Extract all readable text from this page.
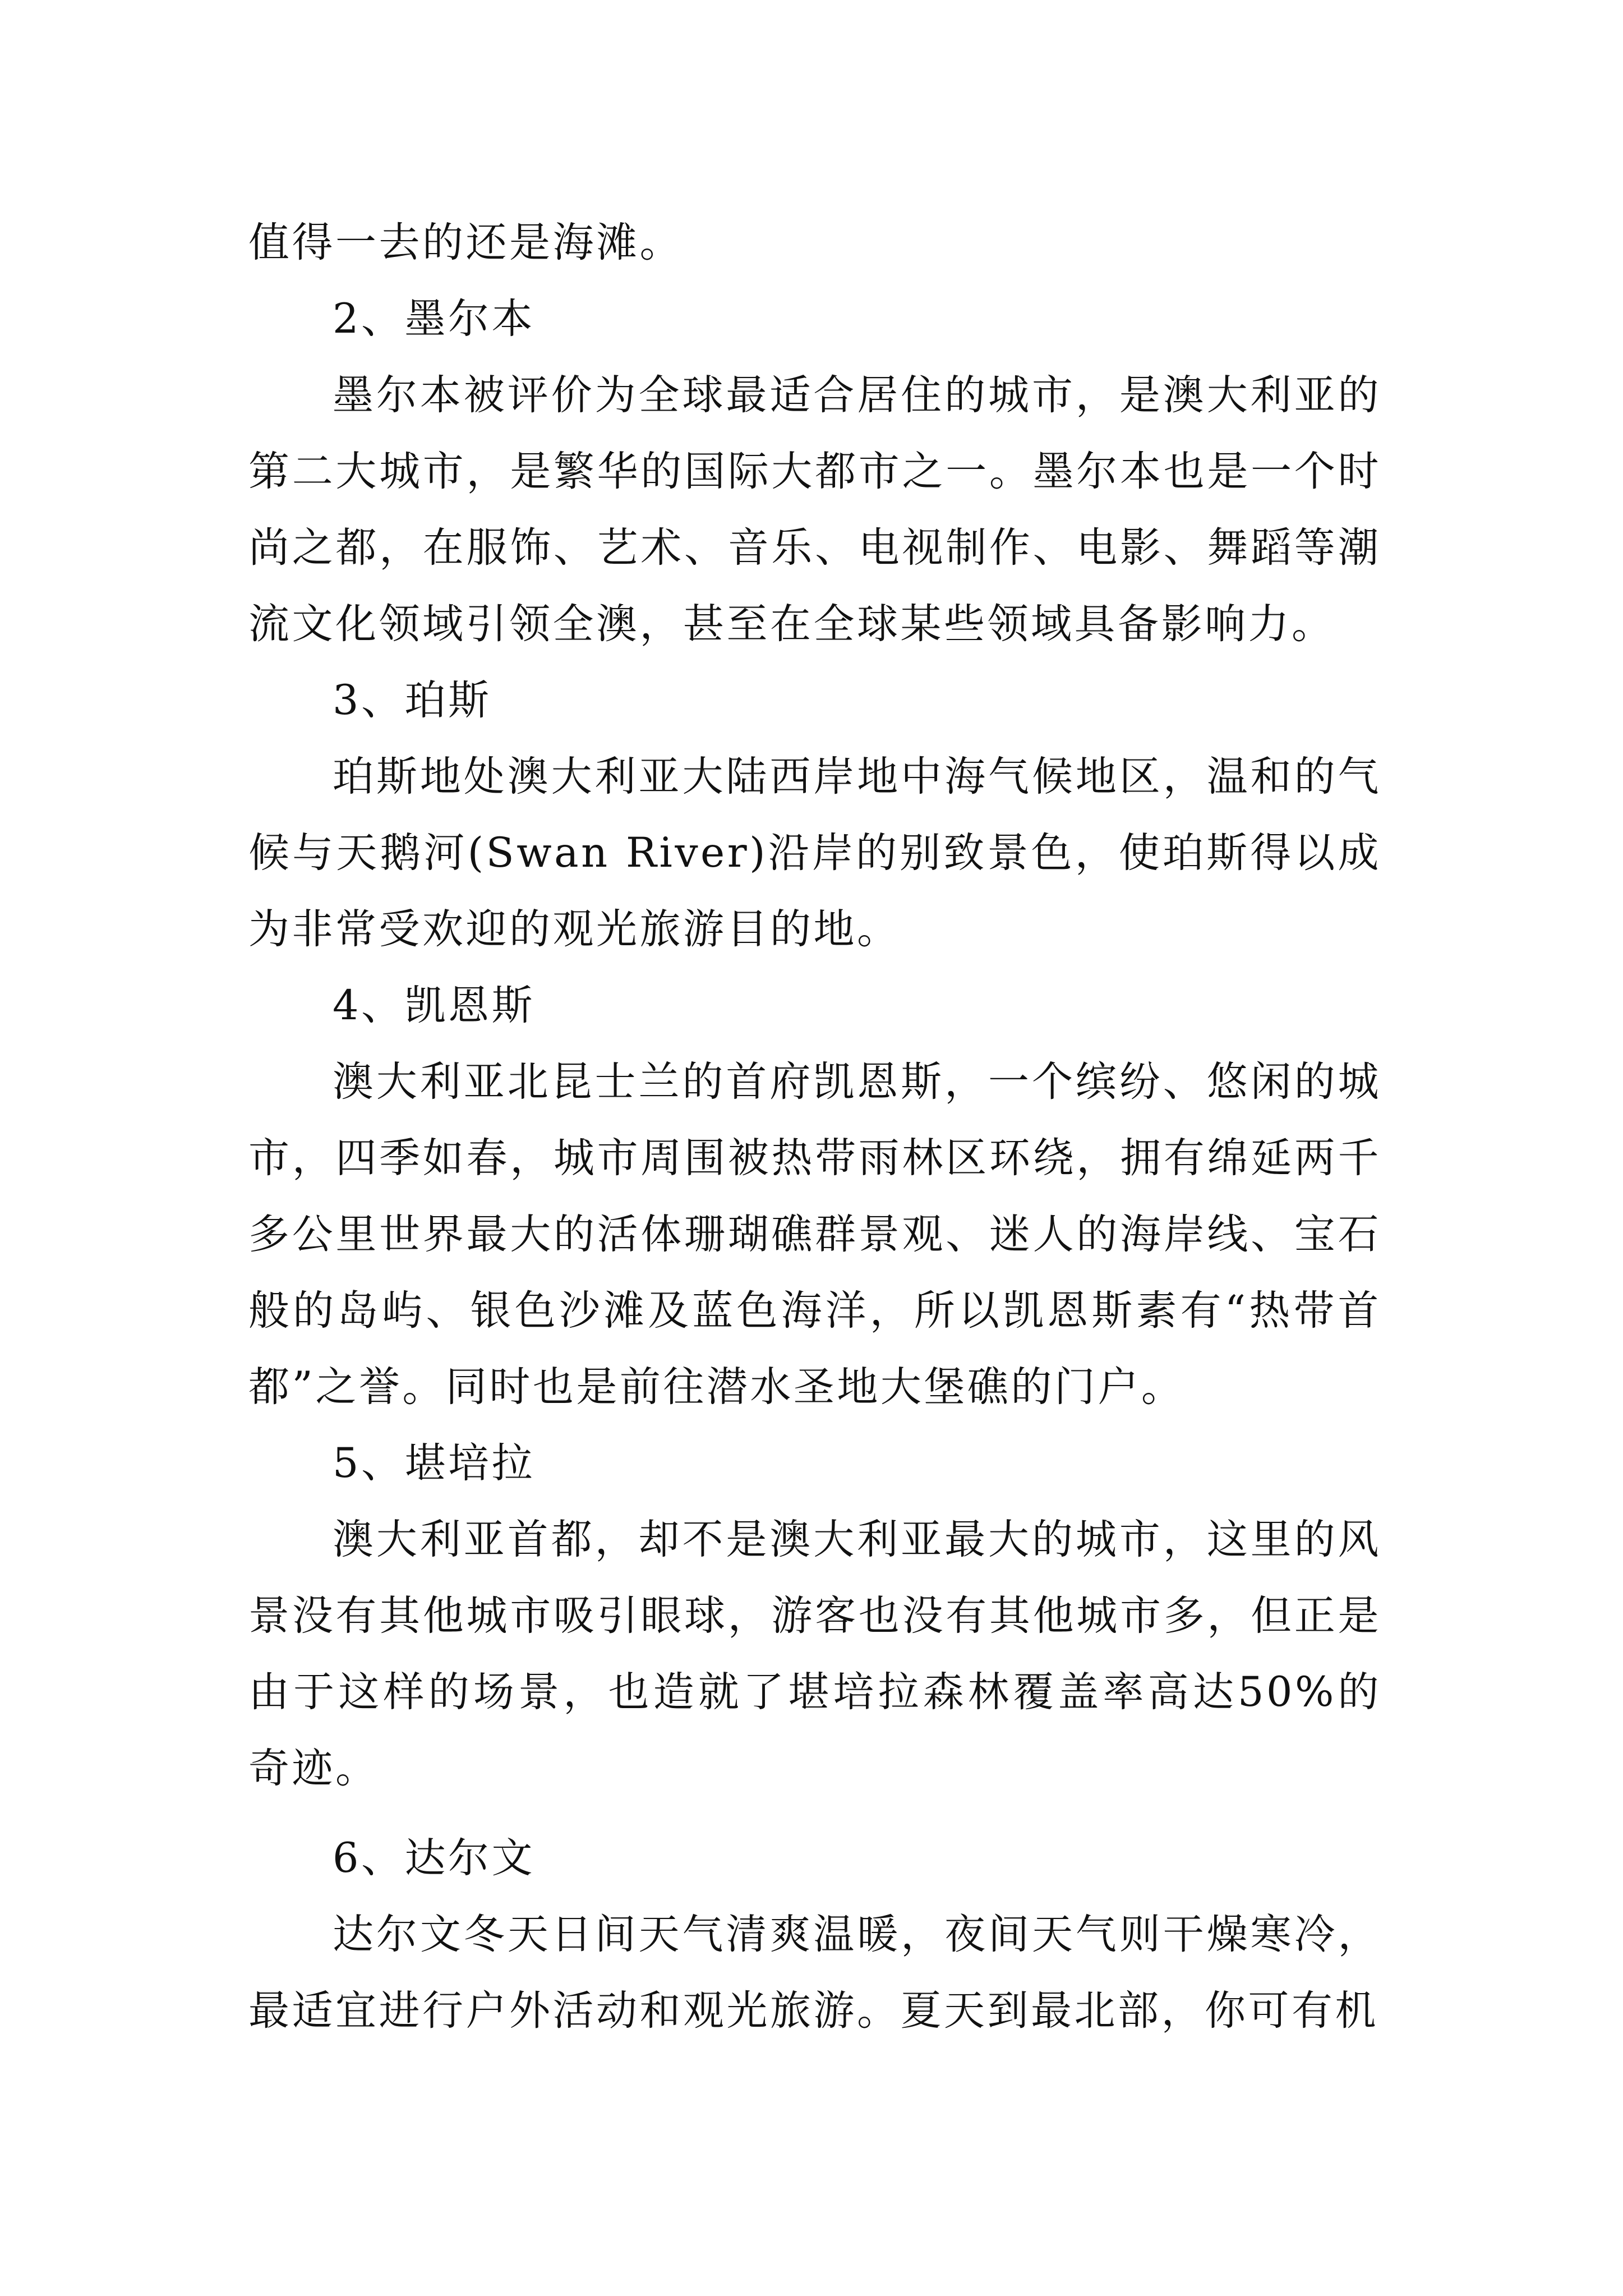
值得一去的还是海滩。

2、墨尔本

墨尔本被评价为全球最适合居住的城市，是澳大利亚的第二大城市，是繁华的国际大都市之一。墨尔本也是一个时尚之都，在服饰、艺术、音乐、电视制作、电影、舞蹈等潮流文化领域引领全澳，甚至在全球某些领域具备影响力。

3、珀斯

珀斯地处澳大利亚大陆西岸地中海气候地区，温和的气候与天鹅河(Swan River)沿岸的别致景色，使珀斯得以成为非常受欢迎的观光旅游目的地。

4、凯恩斯

澳大利亚北昆士兰的首府凯恩斯，一个缤纷、悠闲的城市，四季如春，城市周围被热带雨林区环绕，拥有绵延两千多公里世界最大的活体珊瑚礁群景观、迷人的海岸线、宝石般的岛屿、银色沙滩及蓝色海洋，所以凯恩斯素有“热带首都”之誉。同时也是前往潜水圣地大堡礁的门户。

5、堪培拉

澳大利亚首都，却不是澳大利亚最大的城市，这里的风景没有其他城市吸引眼球，游客也没有其他城市多，但正是由于这样的场景，也造就了堪培拉森林覆盖率高达50%的奇迹。

6、达尔文

达尔文冬天日间天气清爽温暖，夜间天气则干燥寒冷，最适宜进行户外活动和观光旅游。夏天到最北部，你可有机
